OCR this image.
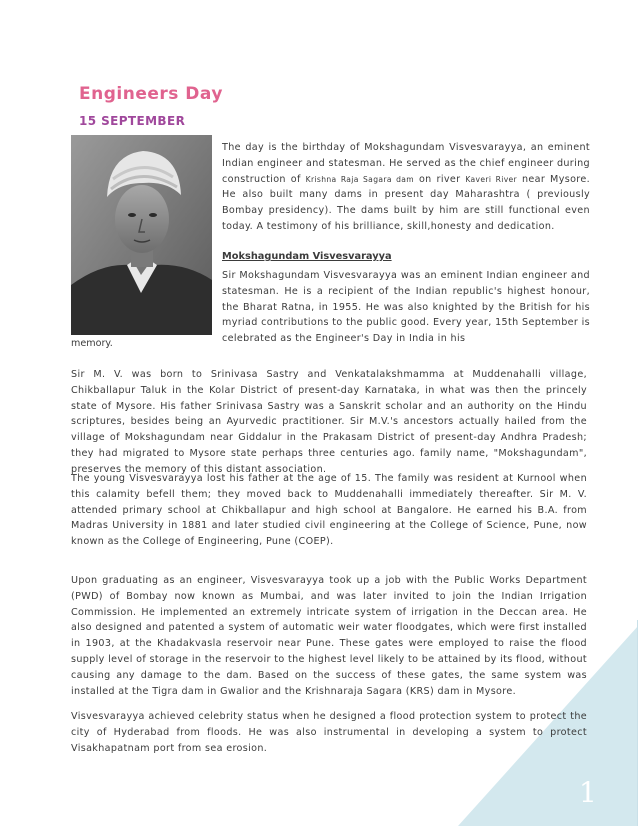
Engineers Day
15 SEPTEMBER

The day is the birthday of Mokshagundam Visvesvarayya, an eminent Indian engineer and statesman. He served as the chief engineer during construction of Krishna Raja Sagara dam on river Kaveri River near Mysore. He also built many dams in present day Maharashtra ( previously Bombay presidency). The dams built by him are still functional even today. A testimony of his brilliance, skill,honesty and dedication.

Mokshagundam Visvesvarayya

Sir Mokshagundam Visvesvarayya was an eminent Indian engineer and statesman. He is a recipient of the Indian republic's highest honour, the Bharat Ratna, in 1955. He was also knighted by the British for his myriad contributions to the public good. Every year, 15th September is celebrated as the Engineer's Day in India in his

memory.

Sir M. V. was born to Srinivasa Sastry and Venkatalakshmamma at Muddenahalli village, Chikballapur Taluk in the Kolar District of present-day Karnataka, in what was then the princely state of Mysore. His father Srinivasa Sastry was a Sanskrit scholar and an authority on the Hindu scriptures, besides being an Ayurvedic practitioner. Sir M.V.'s ancestors actually hailed from the village of Mokshagundam near Giddalur in the Prakasam District of present-day Andhra Pradesh; they had migrated to Mysore state perhaps three centuries ago. family name, "Mokshagundam", preserves the memory of this distant association.

The young Visvesvarayya lost his father at the age of 15. The family was resident at Kurnool when this calamity befell them; they moved back to Muddenahalli immediately thereafter. Sir M. V. attended primary school at Chikballapur and high school at Bangalore. He earned his B.A. from Madras University in 1881 and later studied civil engineering at the College of Science, Pune, now known as the College of Engineering, Pune (COEP).

Upon graduating as an engineer, Visvesvarayya took up a job with the Public Works Department (PWD) of Bombay now known as Mumbai, and was later invited to join the Indian Irrigation Commission. He implemented an extremely intricate system of irrigation in the Deccan area. He also designed and patented a system of automatic weir water floodgates, which were first installed in 1903, at the Khadakvasla reservoir near Pune. These gates were employed to raise the flood supply level of storage in the reservoir to the highest level likely to be attained by its flood, without causing any damage to the dam. Based on the success of these gates, the same system was installed at the Tigra dam in Gwalior and the Krishnaraja Sagara (KRS) dam in Mysore.

Visvesvarayya achieved celebrity status when he designed a flood protection system to protect the city of Hyderabad from floods. He was also instrumental in developing a system to protect Visakhapatnam port from sea erosion.

1
